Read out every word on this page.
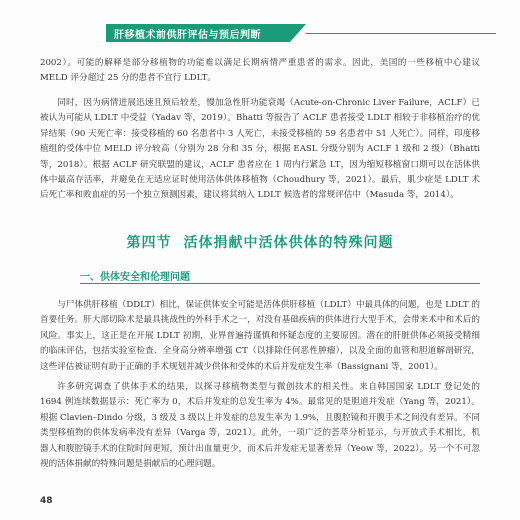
肝移植术前供肝评估与预后判断

2002）。可能的解释是部分移植物的功能难以满足长期病情严重患者的需求。因此，美国的一些移植中心建议 MELD 评分超过 25 分的患者不宜行 LDLT。

同时，因为病情进展迅速且预后较差，慢加急性肝功能衰竭（Acute-on-Chronic Liver Failure，ACLF）已被认为可能从 LDLT 中受益（Yadav 等，2019）。Bhatti 等报告了 ACLF 患者接受 LDLT 相较于非移植治疗的优异结果（90 天死亡率：接受移植的 60 名患者中 3 人死亡，未接受移植的 59 名患者中 51 人死亡）。同样，印度移植组的受体中位 MELD 评分较高（分别为 28 分和 35 分，根据 EASL 分级分别为 ACLF 1 级和 2 级）（Bhatti 等，2018）。根据 ACLF 研究联盟的建议，ACLF 患者应在 1 周内行紧急 LT，因为缩短移植窗口期可以在活体供体中最高存活率，并避免在无适应证时使用活体供体移植物（Choudhury 等，2021）。最后，肌少症是 LDLT 术后死亡率和败血症的另一个独立预测因素，建议将其纳入 LDLT 候选者的常规评估中（Masuda 等，2014）。

第四节 活体捐献中活体供体的特殊问题
一、供体安全和伦理问题

与尸体供肝移植（DDLT）相比，保证供体安全可能是活体供肝移植（LDLT）中最具体的问题，也是 LDLT 的首要任务。肝大部切除术是最具挑战性的外科手术之一，对没有基础疾病的供体进行大型手术，会带来术中和术后的风险。事实上，这正是在开展 LDLT 初期，业界普遍持谨慎和怀疑态度的主要原因。潜在的肝脏供体必须接受精细的临床评估，包括实验室检查、全身高分辨率增强 CT（以排除任何恶性肿瘤），以及全面的血管和胆道解剖研究，这些评估被证明有助于正确的手术规划并减少供体和受体的术后并发症发生率（Bassignani 等，2001）。

许多研究调查了供体手术的结果，以探寻移植物类型与微创技术的相关性。来自韩国国家 LDLT 登记处的 1694 例连续数据显示：死亡率为 0，术后并发症的总发生率为 4%。最常见的是胆道并发症（Yang 等，2021）。根据 Clavien–Dindo 分级，3 级及 3 级以上并发症的总发生率为 1.9%，且腹腔镜和开腹手术之间没有差异。不同类型移植物的供体发病率没有差异（Varga 等，2021）。此外，一项广泛的荟萃分析显示，与开放式手术相比，机器人和腹腔镜手术的住院时间更短，预计出血量更少，而术后并发症无显著差异（Yeow 等，2022）。另一个不可忽视的活体捐献的特殊问题是捐献后的心理问题。

48
